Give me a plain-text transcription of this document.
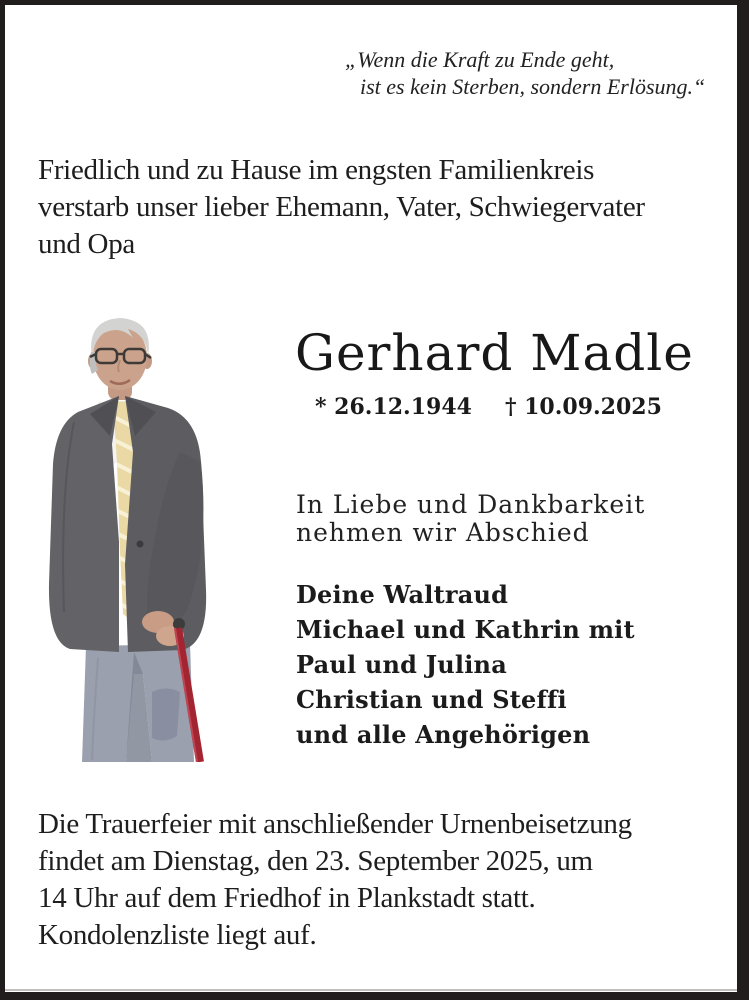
„Wenn die Kraft zu Ende geht,
ist es kein Sterben, sondern Erlösung.“
Friedlich und zu Hause im engsten Familienkreis
verstarb unser lieber Ehemann, Vater, Schwiegervater
und Opa
Gerhard Madle
* 26.12.1944 † 10.09.2025
In Liebe und Dankbarkeit
nehmen wir Abschied
Deine Waltraud
Michael und Kathrin mit
Paul und Julina
Christian und Steffi
und alle Angehörigen
Die Trauerfeier mit anschließender Urnenbeisetzung
findet am Dienstag, den 23. September 2025, um
14 Uhr auf dem Friedhof in Plankstadt statt.
Kondolenzliste liegt auf.
